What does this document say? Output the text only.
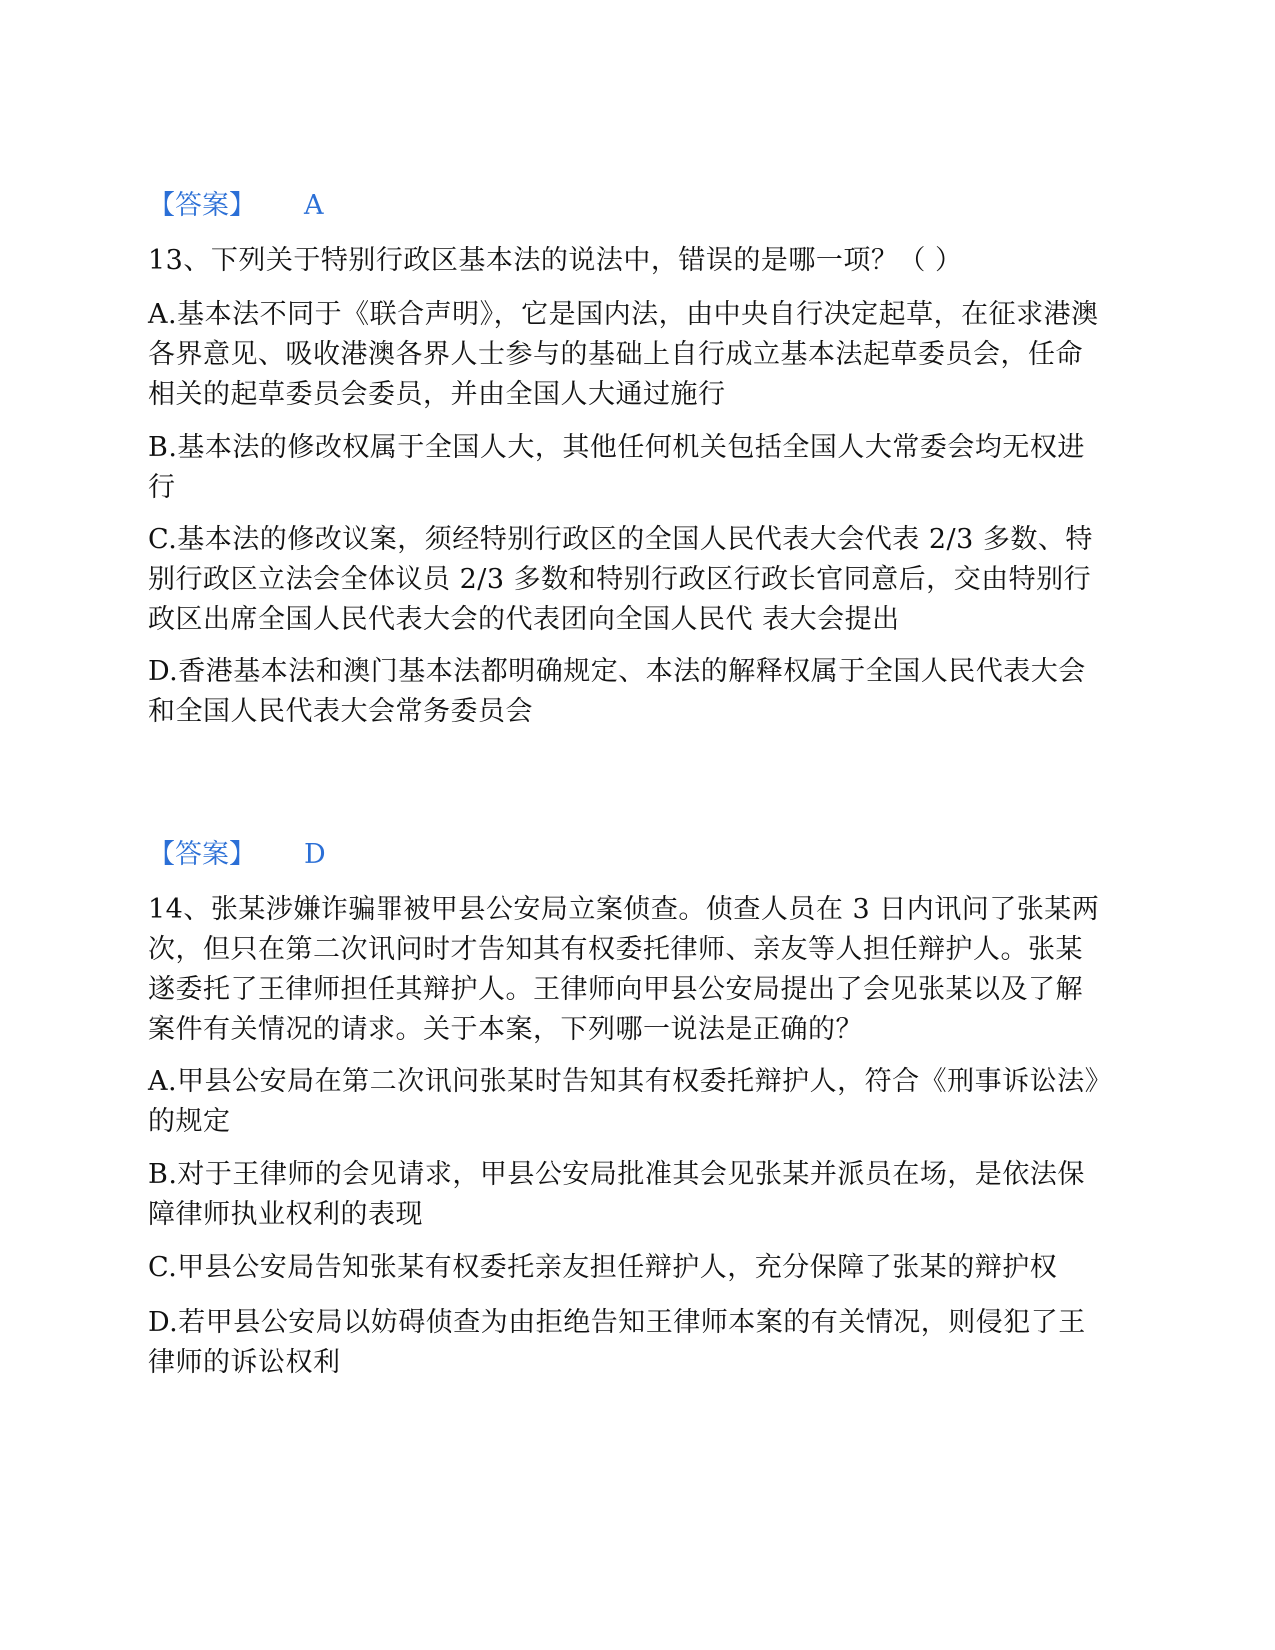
【答案】 A
13、下列关于特别行政区基本法的说法中，错误的是哪一项？（ ）
A.基本法不同于《联合声明》，它是国内法，由中央自行决定起草，在征求港澳各界意见、吸收港澳各界人士参与的基础上自行成立基本法起草委员会，任命相关的起草委员会委员，并由全国人大通过施行
B.基本法的修改权属于全国人大，其他任何机关包括全国人大常委会均无权进行
C.基本法的修改议案，须经特别行政区的全国人民代表大会代表 2/3 多数、特别行政区立法会全体议员 2/3 多数和特别行政区行政长官同意后，交由特别行政区出席全国人民代表大会的代表团向全国人民代 表大会提出
D.香港基本法和澳门基本法都明确规定、本法的解释权属于全国人民代表大会和全国人民代表大会常务委员会
【答案】 D
14、张某涉嫌诈骗罪被甲县公安局立案侦查。侦查人员在 3 日内讯问了张某两次，但只在第二次讯问时才告知其有权委托律师、亲友等人担任辩护人。张某遂委托了王律师担任其辩护人。王律师向甲县公安局提出了会见张某以及了解案件有关情况的请求。关于本案，下列哪一说法是正确的？
A.甲县公安局在第二次讯问张某时告知其有权委托辩护人，符合《刑事诉讼法》的规定
B.对于王律师的会见请求，甲县公安局批准其会见张某并派员在场，是依法保障律师执业权利的表现
C.甲县公安局告知张某有权委托亲友担任辩护人，充分保障了张某的辩护权
D.若甲县公安局以妨碍侦查为由拒绝告知王律师本案的有关情况，则侵犯了王律师的诉讼权利
